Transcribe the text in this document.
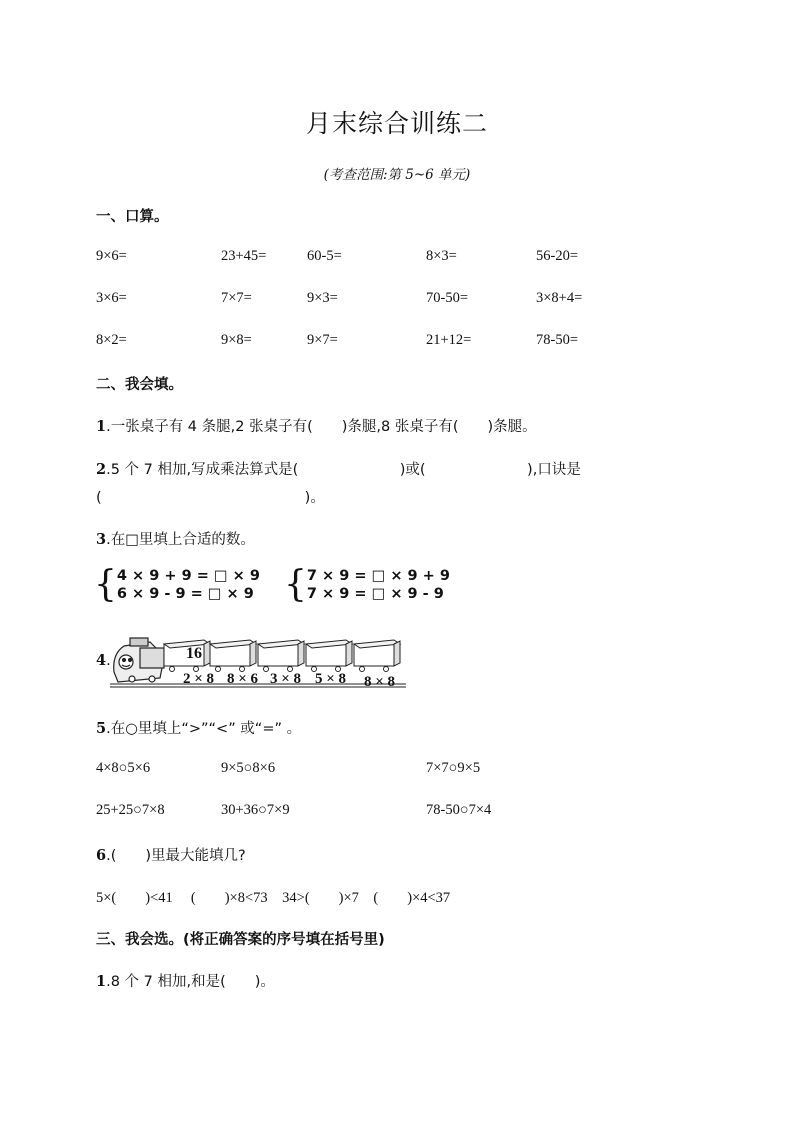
月末综合训练二
(考查范围:第 5~6 单元)
一、口算。
9×6=	23+45=	60-5=	8×3=	56-20=
3×6=	7×7=	9×3=	70-50=	3×8+4=
8×2=	9×8=	9×7=	21+12=	78-50=
二、我会填。
1.一张桌子有 4 条腿,2 张桌子有(　　)条腿,8 张桌子有(　　)条腿。
2.5 个 7 相加,写成乘法算式是(　　　　　　　)或(　　　　　　　),口诀是
(　　　　　　　　　　　　　　)。
3.在□里填上合适的数。
{ 4 × 9 + 9 = □ × 9
6 × 9 - 9 = □ × 9 { 7 × 9 = □ × 9 + 9
7 × 9 = □ × 9 - 9
4.	16
2 × 8 8 × 6 3 × 8 5 × 8 8 × 8
5.在○里填上“>”“<” 或“=” 。
4×8○5×6	9×5○8×6	7×7○9×5
25+25○7×8	30+36○7×9	78-50○7×4
6.(　　)里最大能填几?
5×(　　)<41　 (　　)×8<73　34>(　　)×7　(　　)×4<37
三、我会选。(将正确答案的序号填在括号里)
1.8 个 7 相加,和是(　　)。
